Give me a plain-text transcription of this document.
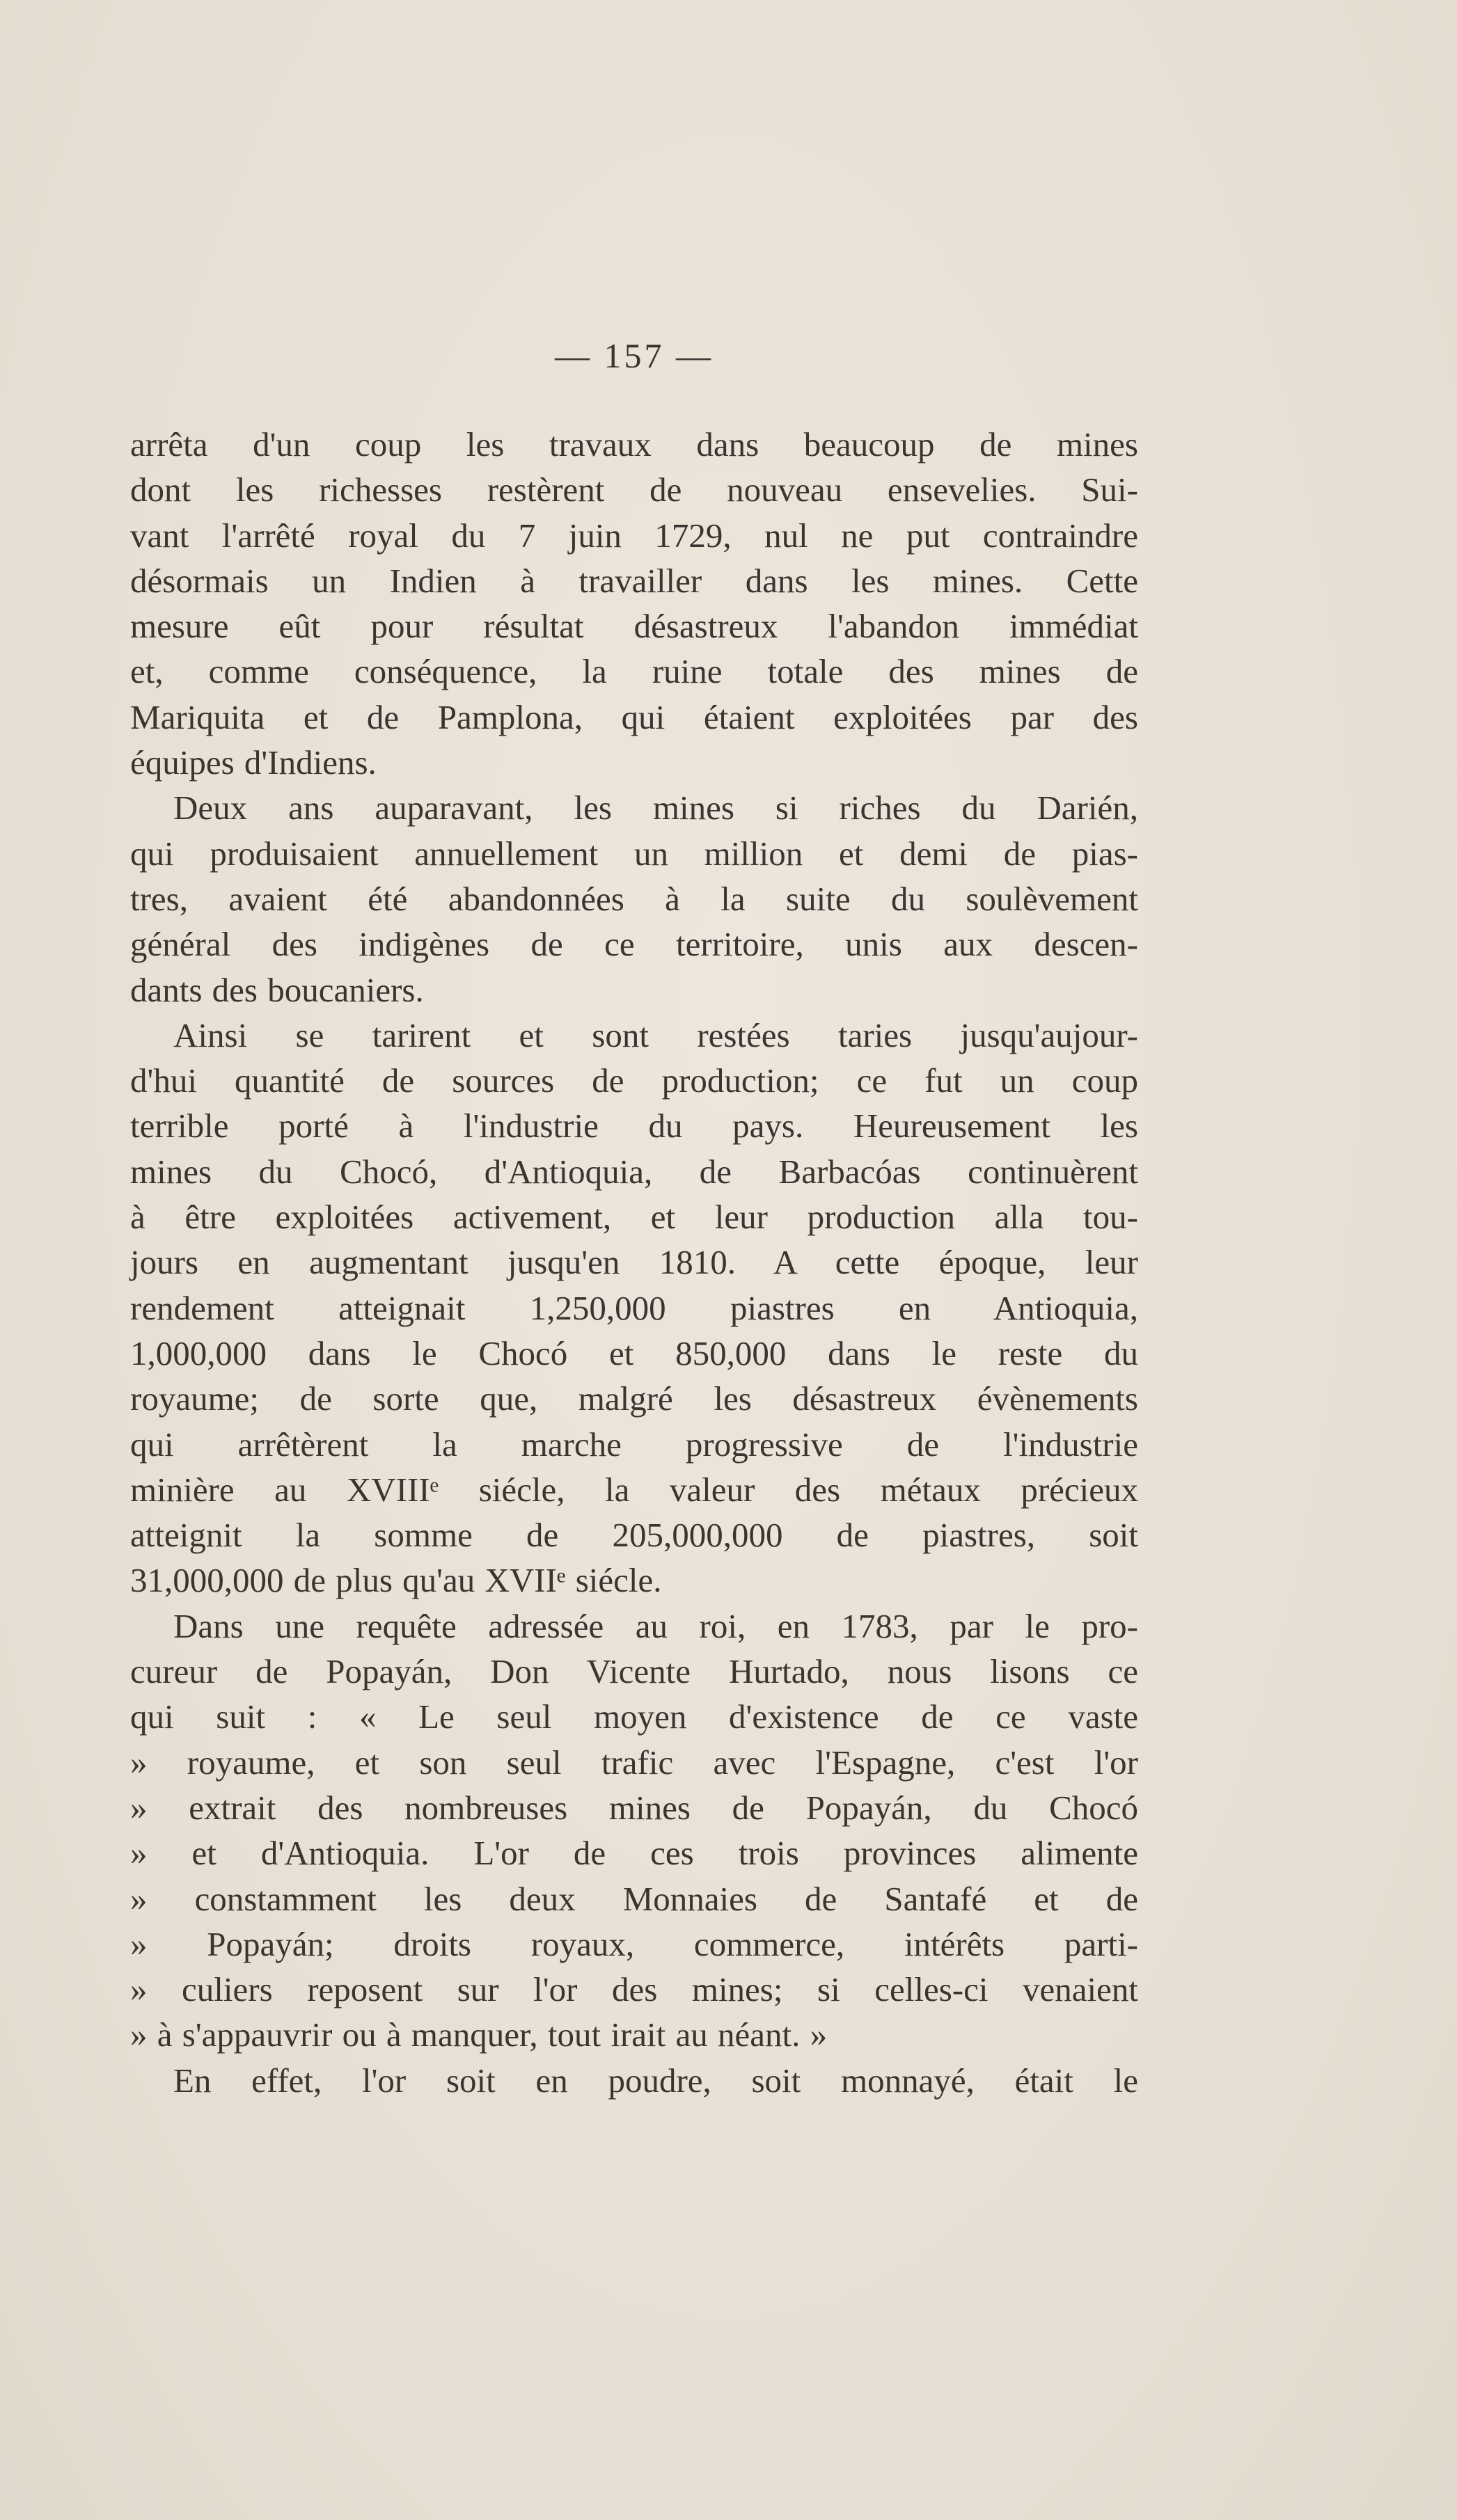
— 157 —
arrêta d'un coup les travaux dans beaucoup de mines
dont les richesses restèrent de nouveau ensevelies. Sui-
vant l'arrêté royal du 7 juin 1729, nul ne put contraindre
désormais un Indien à travailler dans les mines. Cette
mesure eût pour résultat désastreux l'abandon immédiat
et, comme conséquence, la ruine totale des mines de
Mariquita et de Pamplona, qui étaient exploitées par des
équipes d'Indiens.
Deux ans auparavant, les mines si riches du Darién,
qui produisaient annuellement un million et demi de pias-
tres, avaient été abandonnées à la suite du soulèvement
général des indigènes de ce territoire, unis aux descen-
dants des boucaniers.
Ainsi se tarirent et sont restées taries jusqu'aujour-
d'hui quantité de sources de production; ce fut un coup
terrible porté à l'industrie du pays. Heureusement les
mines du Chocó, d'Antioquia, de Barbacóas continuèrent
à être exploitées activement, et leur production alla tou-
jours en augmentant jusqu'en 1810. A cette époque, leur
rendement atteignait 1,250,000 piastres en Antioquia,
1,000,000 dans le Chocó et 850,000 dans le reste du
royaume; de sorte que, malgré les désastreux évènements
qui arrêtèrent la marche progressive de l'industrie
minière au XVIIIᵉ siécle, la valeur des métaux précieux
atteignit la somme de 205,000,000 de piastres, soit
31,000,000 de plus qu'au XVIIᵉ siécle.
Dans une requête adressée au roi, en 1783, par le pro-
cureur de Popayán, Don Vicente Hurtado, nous lisons ce
qui suit : « Le seul moyen d'existence de ce vaste
» royaume, et son seul trafic avec l'Espagne, c'est l'or
» extrait des nombreuses mines de Popayán, du Chocó
» et d'Antioquia. L'or de ces trois provinces alimente
» constamment les deux Monnaies de Santafé et de
» Popayán; droits royaux, commerce, intérêts parti-
» culiers reposent sur l'or des mines; si celles-ci venaient
» à s'appauvrir ou à manquer, tout irait au néant. »
En effet, l'or soit en poudre, soit monnayé, était le
